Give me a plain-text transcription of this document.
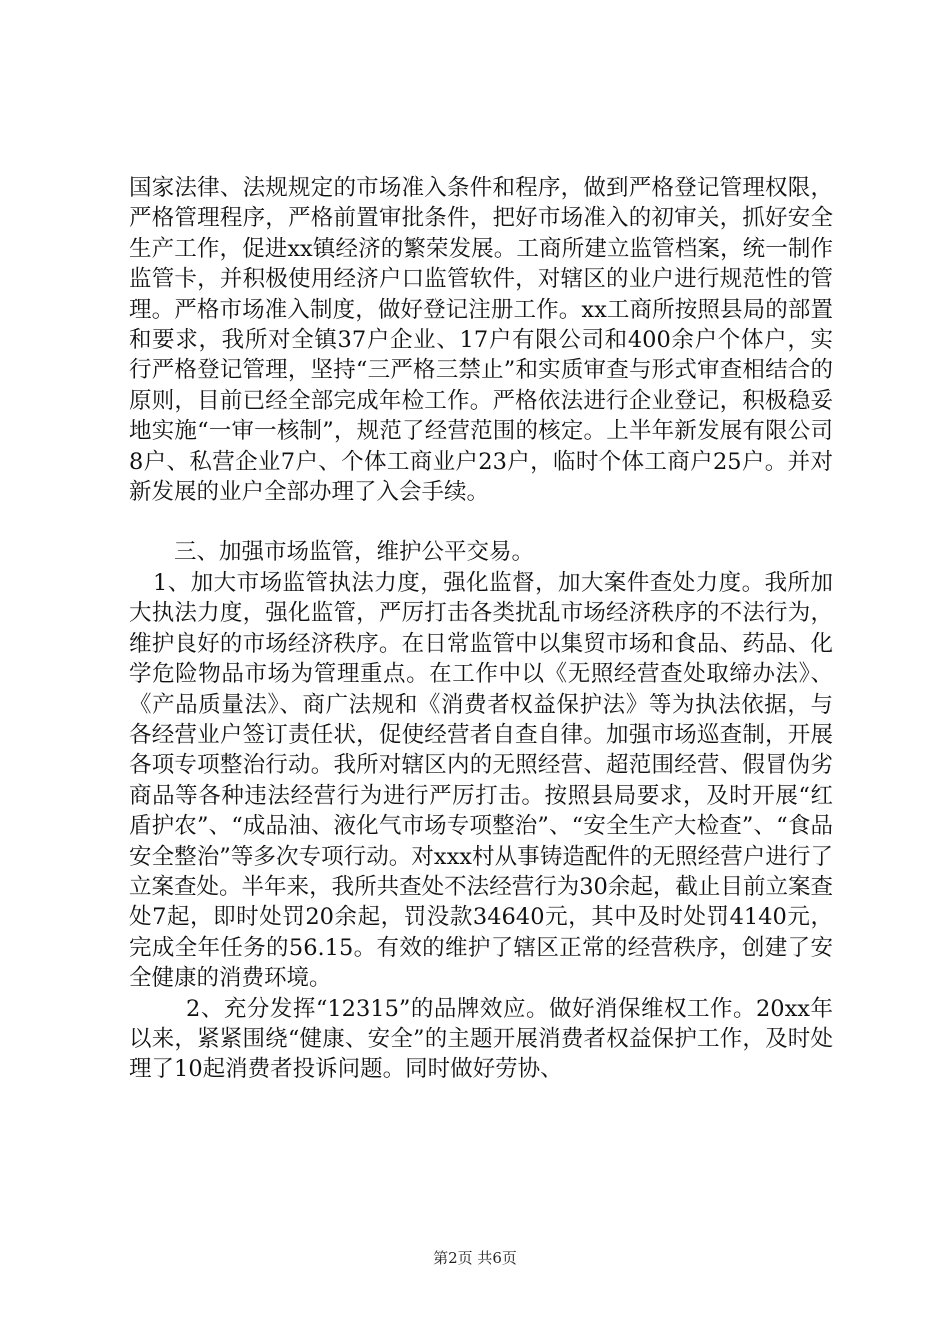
国家法律、法规规定的市场准入条件和程序，做到严格登记管理权限，严格管理程序，严格前置审批条件，把好市场准入的初审关，抓好安全生产工作，促进xx镇经济的繁荣发展。工商所建立监管档案，统一制作监管卡，并积极使用经济户口监管软件，对辖区的业户进行规范性的管理。严格市场准入制度，做好登记注册工作。xx工商所按照县局的部置和要求，我所对全镇37户企业、17户有限公司和400余户个体户，实行严格登记管理，坚持“三严格三禁止”和实质审查与形式审查相结合的原则，目前已经全部完成年检工作。严格依法进行企业登记，积极稳妥地实施“一审一核制”，规范了经营范围的核定。上半年新发展有限公司8户、私营企业7户、个体工商业户23户，临时个体工商户25户。并对新发展的业户全部办理了入会手续。

三、加强市场监管，维护公平交易。

1、加大市场监管执法力度，强化监督，加大案件查处力度。我所加大执法力度，强化监管，严厉打击各类扰乱市场经济秩序的不法行为，维护良好的市场经济秩序。在日常监管中以集贸市场和食品、药品、化学危险物品市场为管理重点。在工作中以《无照经营查处取缔办法》、《产品质量法》、商广法规和《消费者权益保护法》等为执法依据，与各经营业户签订责任状，促使经营者自查自律。加强市场巡查制，开展各项专项整治行动。我所对辖区内的无照经营、超范围经营、假冒伪劣商品等各种违法经营行为进行严厉打击。按照县局要求，及时开展“红盾护农”、“成品油、液化气市场专项整治”、“安全生产大检查”、“食品安全整治”等多次专项行动。对xxx村从事铸造配件的无照经营户进行了立案查处。半年来，我所共查处不法经营行为30余起，截止目前立案查处7起，即时处罚20余起，罚没款34640元，其中及时处罚4140元，完成全年任务的56.15。有效的维护了辖区正常的经营秩序，创建了安全健康的消费环境。

2、充分发挥“12315”的品牌效应。做好消保维权工作。20xx年以来，紧紧围绕“健康、安全”的主题开展消费者权益保护工作，及时处理了10起消费者投诉问题。同时做好劳协、

第2页 共6页
